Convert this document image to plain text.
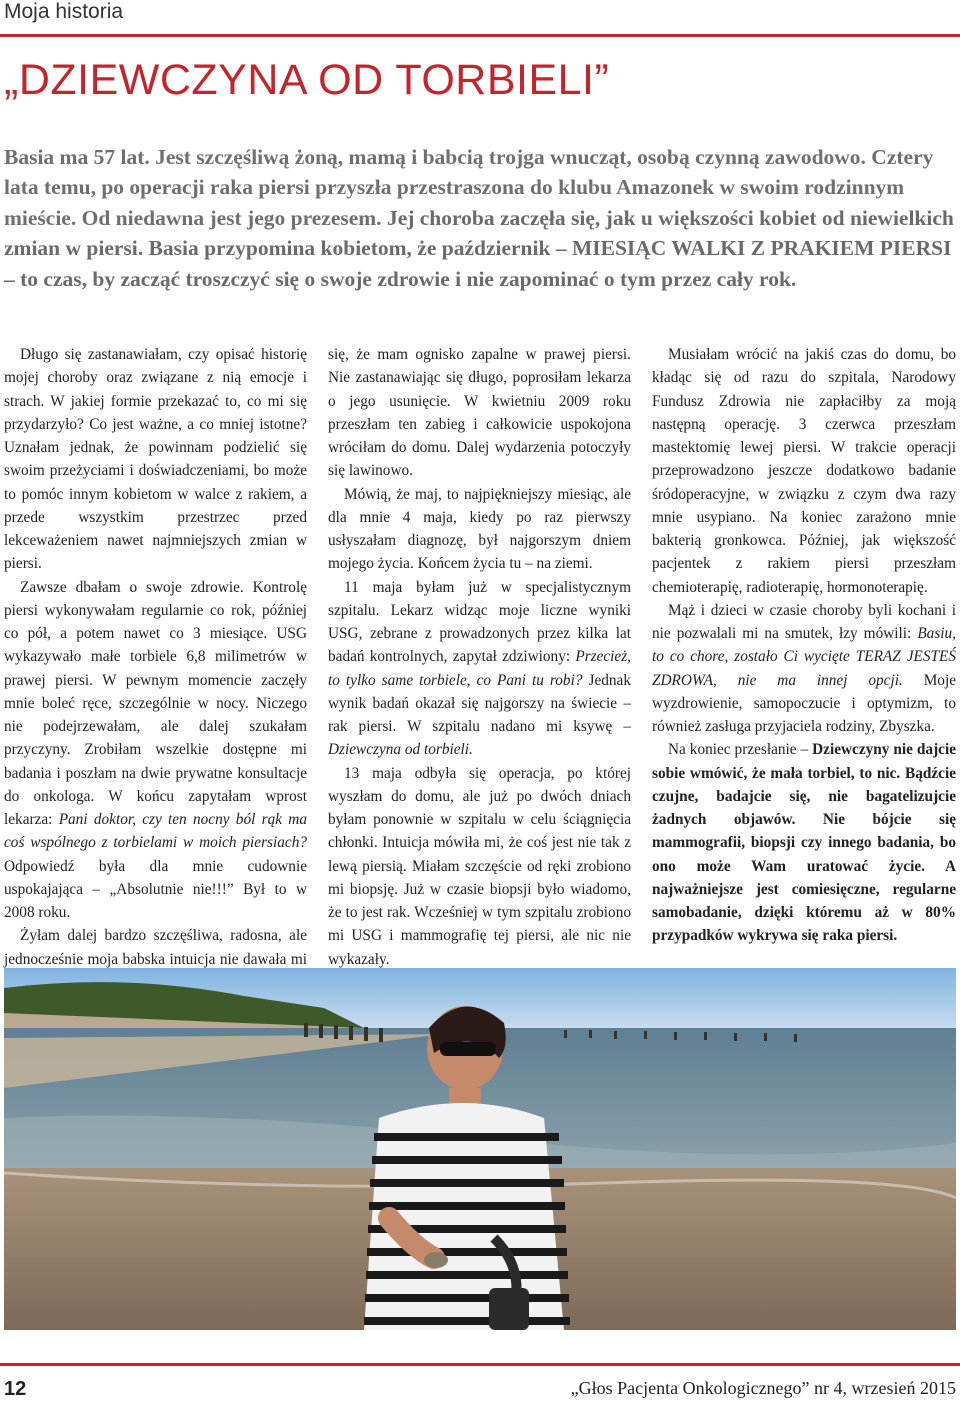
Moja historia
„DZIEWCZYNA OD TORBIELI”
Basia ma 57 lat. Jest szczęśliwą żoną, mamą i babcią trojga wnucząt, osobą czynną zawodowo. Cztery lata temu, po operacji raka piersi przyszła przestraszona do klubu Amazonek w swoim rodzinnym mieście. Od niedawna jest jego prezesem. Jej choroba zaczęła się, jak u większości kobiet od niewielkich zmian w piersi. Basia przypomina kobietom, że październik – MIESIĄC WALKI Z PRAKIEM PIERSI – to czas, by zacząć troszczyć się o swoje zdrowie i nie zapominać o tym przez cały rok.

Długo się zastanawiałam, czy opisać historię mojej choroby oraz związane z nią emocje i strach. W jakiej formie przekazać to, co mi się przydarzyło? Co jest ważne, a co mniej istotne? Uznałam jednak, że powinnam podzielić się swoim przeżyciami i doświadczeniami, bo może to pomóc innym kobietom w walce z rakiem, a przede wszystkim przestrzec przed lekceważeniem nawet najmniejszych zmian w piersi.

Zawsze dbałam o swoje zdrowie. Kontrolę piersi wykonywałam regularnie co rok, później co pół, a potem nawet co 3 miesiące. USG wykazywało małe torbiele 6,8 milimetrów w prawej piersi. W pewnym momencie zaczęły mnie boleć ręce, szczególnie w nocy. Niczego nie podejrzewałam, ale dalej szukałam przyczyny. Zrobiłam wszelkie dostępne mi badania i poszłam na dwie prywatne konsultacje do onkologa. W końcu zapytałam wprost lekarza: Pani doktor, czy ten nocny ból rąk ma coś wspólnego z torbielami w moich piersiach? Odpowiedź była dla mnie cudownie uspokajająca – „Absolutnie nie!!!” Był to w 2008 roku.

Żyłam dalej bardzo szczęśliwa, radosna, ale jednocześnie moja babska intuicja nie dawała mi

się, że mam ognisko zapalne w prawej piersi. Nie zastanawiając się długo, poprosiłam lekarza o jego usunięcie. W kwietniu 2009 roku przeszłam ten zabieg i całkowicie uspokojona wróciłam do domu. Dalej wydarzenia potoczyły się lawinowo.

Mówią, że maj, to najpiękniejszy miesiąc, ale dla mnie 4 maja, kiedy po raz pierwszy usłyszałam diagnozę, był najgorszym dniem mojego życia. Końcem życia tu – na ziemi.

11 maja byłam już w specjalistycznym szpitalu. Lekarz widząc moje liczne wyniki USG, zebrane z prowadzonych przez kilka lat badań kontrolnych, zapytał zdziwiony: Przecież, to tylko same torbiele, co Pani tu robi? Jednak wynik badań okazał się najgorszy na świecie – rak piersi. W szpitalu nadano mi ksywę – Dziewczyna od torbieli.

13 maja odbyła się operacja, po której wyszłam do domu, ale już po dwóch dniach byłam ponownie w szpitalu w celu ściągnięcia chłonki. Intuicja mówiła mi, że coś jest nie tak z lewą piersią. Miałam szczęście od ręki zrobiono mi biopsję. Już w czasie biopsji było wiadomo, że to jest rak. Wcześniej w tym szpitalu zrobiono mi USG i mammografię tej piersi, ale nic nie wykazały.

Musiałam wrócić na jakiś czas do domu, bo kładąc się od razu do szpitala, Narodowy Fundusz Zdrowia nie zapłaciłby za moją następną operację. 3 czerwca przeszłam mastektomię lewej piersi. W trakcie operacji przeprowadzono jeszcze dodatkowo badanie śródoperacyjne, w związku z czym dwa razy mnie usypiano. Na koniec zarażono mnie bakterią gronkowca. Później, jak większość pacjentek z rakiem piersi przeszłam chemioterapię, radioterapię, hormonoterapię.

Mąż i dzieci w czasie choroby byli kochani i nie pozwalali mi na smutek, łzy mówili: Basiu, to co chore, zostało Ci wycięte TERAZ JESTEŚ ZDROWA, nie ma innej opcji. Moje wyzdrowienie, samopoczucie i optymizm, to również zasługa przyjaciela rodziny, Zbyszka.

Na koniec przesłanie – Dziewczyny nie dajcie sobie wmówić, że mała torbiel, to nic. Bądźcie czujne, badajcie się, nie bagatelizujcie żadnych objawów. Nie bójcie się mammografii, biopsji czy innego badania, bo ono może Wam uratować życie. A najważniejsze jest comiesięczne, regularne samobadanie, dzięki któremu aż w 80% przypadków wykrywa się raka piersi.

12	„Głos Pacjenta Onkologicznego” nr 4, wrzesień 2015
